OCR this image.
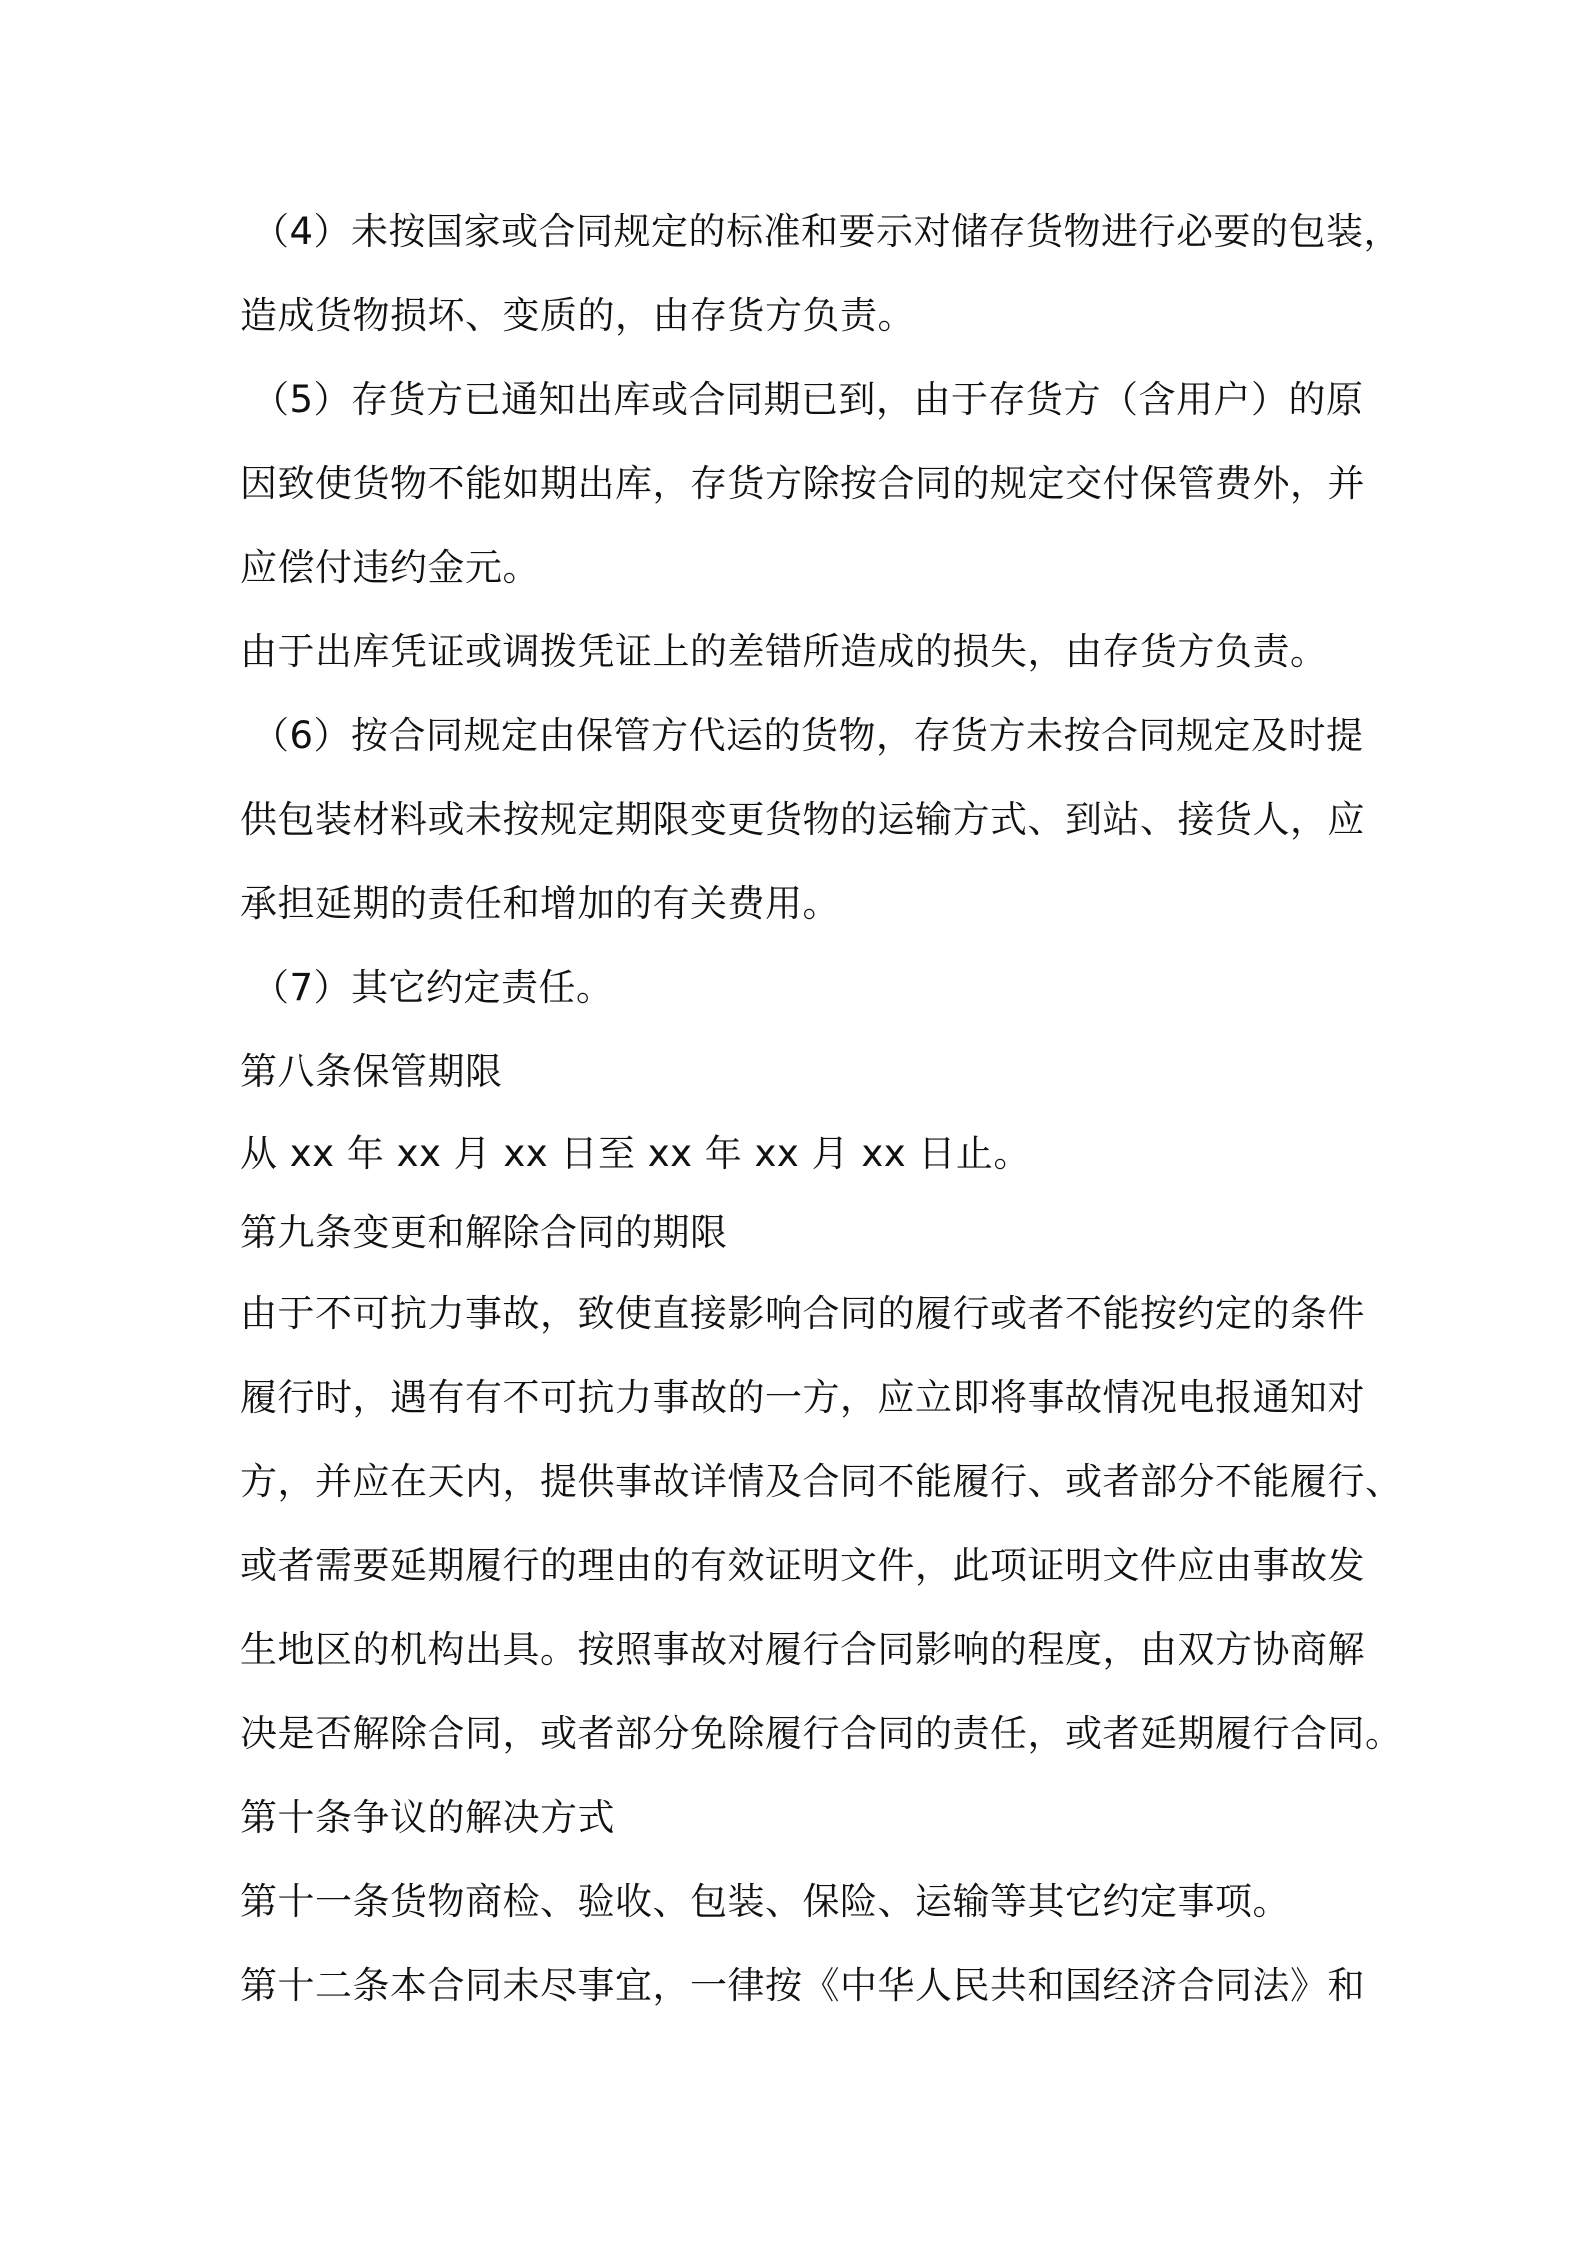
（4）未按国家或合同规定的标准和要示对储存货物进行必要的包装，
造成货物损坏、变质的，由存货方负责。
（5）存货方已通知出库或合同期已到，由于存货方（含用户）的原
因致使货物不能如期出库，存货方除按合同的规定交付保管费外，并
应偿付违约金元。
由于出库凭证或调拨凭证上的差错所造成的损失，由存货方负责。
（6）按合同规定由保管方代运的货物，存货方未按合同规定及时提
供包装材料或未按规定期限变更货物的运输方式、到站、接货人，应
承担延期的责任和增加的有关费用。
（7）其它约定责任。
第八条保管期限
从 xx 年 xx 月 xx 日至 xx 年 xx 月 xx 日止。
第九条变更和解除合同的期限
由于不可抗力事故，致使直接影响合同的履行或者不能按约定的条件
履行时，遇有有不可抗力事故的一方，应立即将事故情况电报通知对
方，并应在天内，提供事故详情及合同不能履行、或者部分不能履行、
或者需要延期履行的理由的有效证明文件，此项证明文件应由事故发
生地区的机构出具。按照事故对履行合同影响的程度，由双方协商解
决是否解除合同，或者部分免除履行合同的责任，或者延期履行合同。
第十条争议的解决方式
第十一条货物商检、验收、包装、保险、运输等其它约定事项。
第十二条本合同未尽事宜，一律按《中华人民共和国经济合同法》和
